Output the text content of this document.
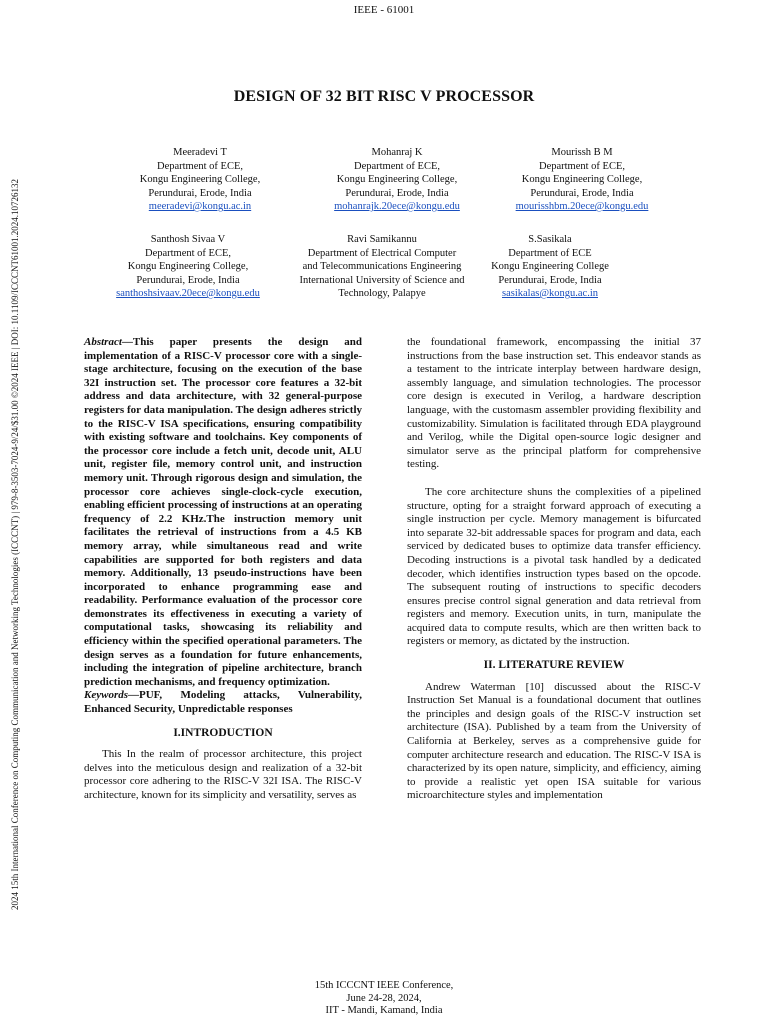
IEEE - 61001
2024 15th International Conference on Computing Communication and Networking Technologies (ICCCNT) | 979-8-3503-7024-9/24/$31.00 ©2024 IEEE | DOI: 10.1109/ICCCNT61001.2024.10726132
DESIGN OF 32 BIT RISC V PROCESSOR
Meeradevi T
Department of ECE,
Kongu Engineering College,
Perundurai, Erode, India
meeradevi@kongu.ac.in
Mohanraj K
Department of ECE,
Kongu Engineering College,
Perundurai, Erode, India
mohanrajk.20ece@kongu.edu
Mourissh B M
Department of ECE,
Kongu Engineering College,
Perundurai, Erode, India
mourisshbm.20ece@kongu.edu
Santhosh Sivaa V
Department of ECE,
Kongu Engineering College,
Perundurai, Erode, India
santhoshsivaav.20ece@kongu.edu
Ravi Samikannu
Department of Electrical Computer
and Telecommunications Engineering
International University of Science and
Technology, Palapye
S.Sasikala
Department of ECE
Kongu Engineering College
Perundurai, Erode, India
sasikalas@kongu.ac.in

Abstract—This paper presents the design and implementation of a RISC-V processor core with a single-stage architecture, focusing on the execution of the base 32I instruction set. The processor core features a 32-bit address and data architecture, with 32 general-purpose registers for data manipulation. The design adheres strictly to the RISC-V ISA specifications, ensuring compatibility with existing software and toolchains. Key components of the processor core include a fetch unit, decode unit, ALU unit, register file, memory control unit, and instruction memory unit. Through rigorous design and simulation, the processor core achieves single-clock-cycle execution, enabling efficient processing of instructions at an operating frequency of 2.2 KHz.The instruction memory unit facilitates the retrieval of instructions from a 4.5 KB memory array, while simultaneous read and write capabilities are supported for both registers and data memory. Additionally, 13 pseudo-instructions have been incorporated to enhance programming ease and readability. Performance evaluation of the processor core demonstrates its effectiveness in executing a variety of computational tasks, showcasing its reliability and efficiency within the specified operational parameters. The design serves as a foundation for future enhancements, including the integration of pipeline architecture, branch prediction mechanisms, and frequency optimization.

Keywords—PUF, Modeling attacks, Vulnerability, Enhanced Security, Unpredictable responses

I.INTRODUCTION

This In the realm of processor architecture, this project delves into the meticulous design and realization of a 32-bit processor core adhering to the RISC-V 32I ISA. The RISC-V architecture, known for its simplicity and versatility, serves as

the foundational framework, encompassing the initial 37 instructions from the base instruction set. This endeavor stands as a testament to the intricate interplay between hardware design, assembly language, and simulation technologies. The processor core design is executed in Verilog, a hardware description language, with the customasm assembler providing flexibility and customizability. Simulation is facilitated through EDA playground and Verilog, while the Digital open-source logic designer and simulator serve as the principal platform for comprehensive testing.

The core architecture shuns the complexities of a pipelined structure, opting for a straight forward approach of executing a single instruction per cycle. Memory management is bifurcated into separate 32-bit addressable spaces for program and data, each serviced by dedicated buses to optimize data transfer efficiency. Decoding instructions is a pivotal task handled by a dedicated decoder, which identifies instruction types based on the opcode. The subsequent routing of instructions to specific decoders ensures precise control signal generation and data retrieval from registers and memory. Execution units, in turn, manipulate the acquired data to compute results, which are then written back to registers or memory, as dictated by the instruction.

II. LITERATURE REVIEW

Andrew Waterman [10] discussed about the RISC-V Instruction Set Manual is a foundational document that outlines the principles and design goals of the RISC-V instruction set architecture (ISA). Published by a team from the University of California at Berkeley, serves as a comprehensive guide for computer architecture research and education. The RISC-V ISA is characterized by its open nature, simplicity, and efficiency, aiming to provide a realistic yet open ISA suitable for various microarchitecture styles and implementation

15th ICCCNT IEEE Conference,
June 24-28, 2024,
IIT - Mandi, Kamand, India
